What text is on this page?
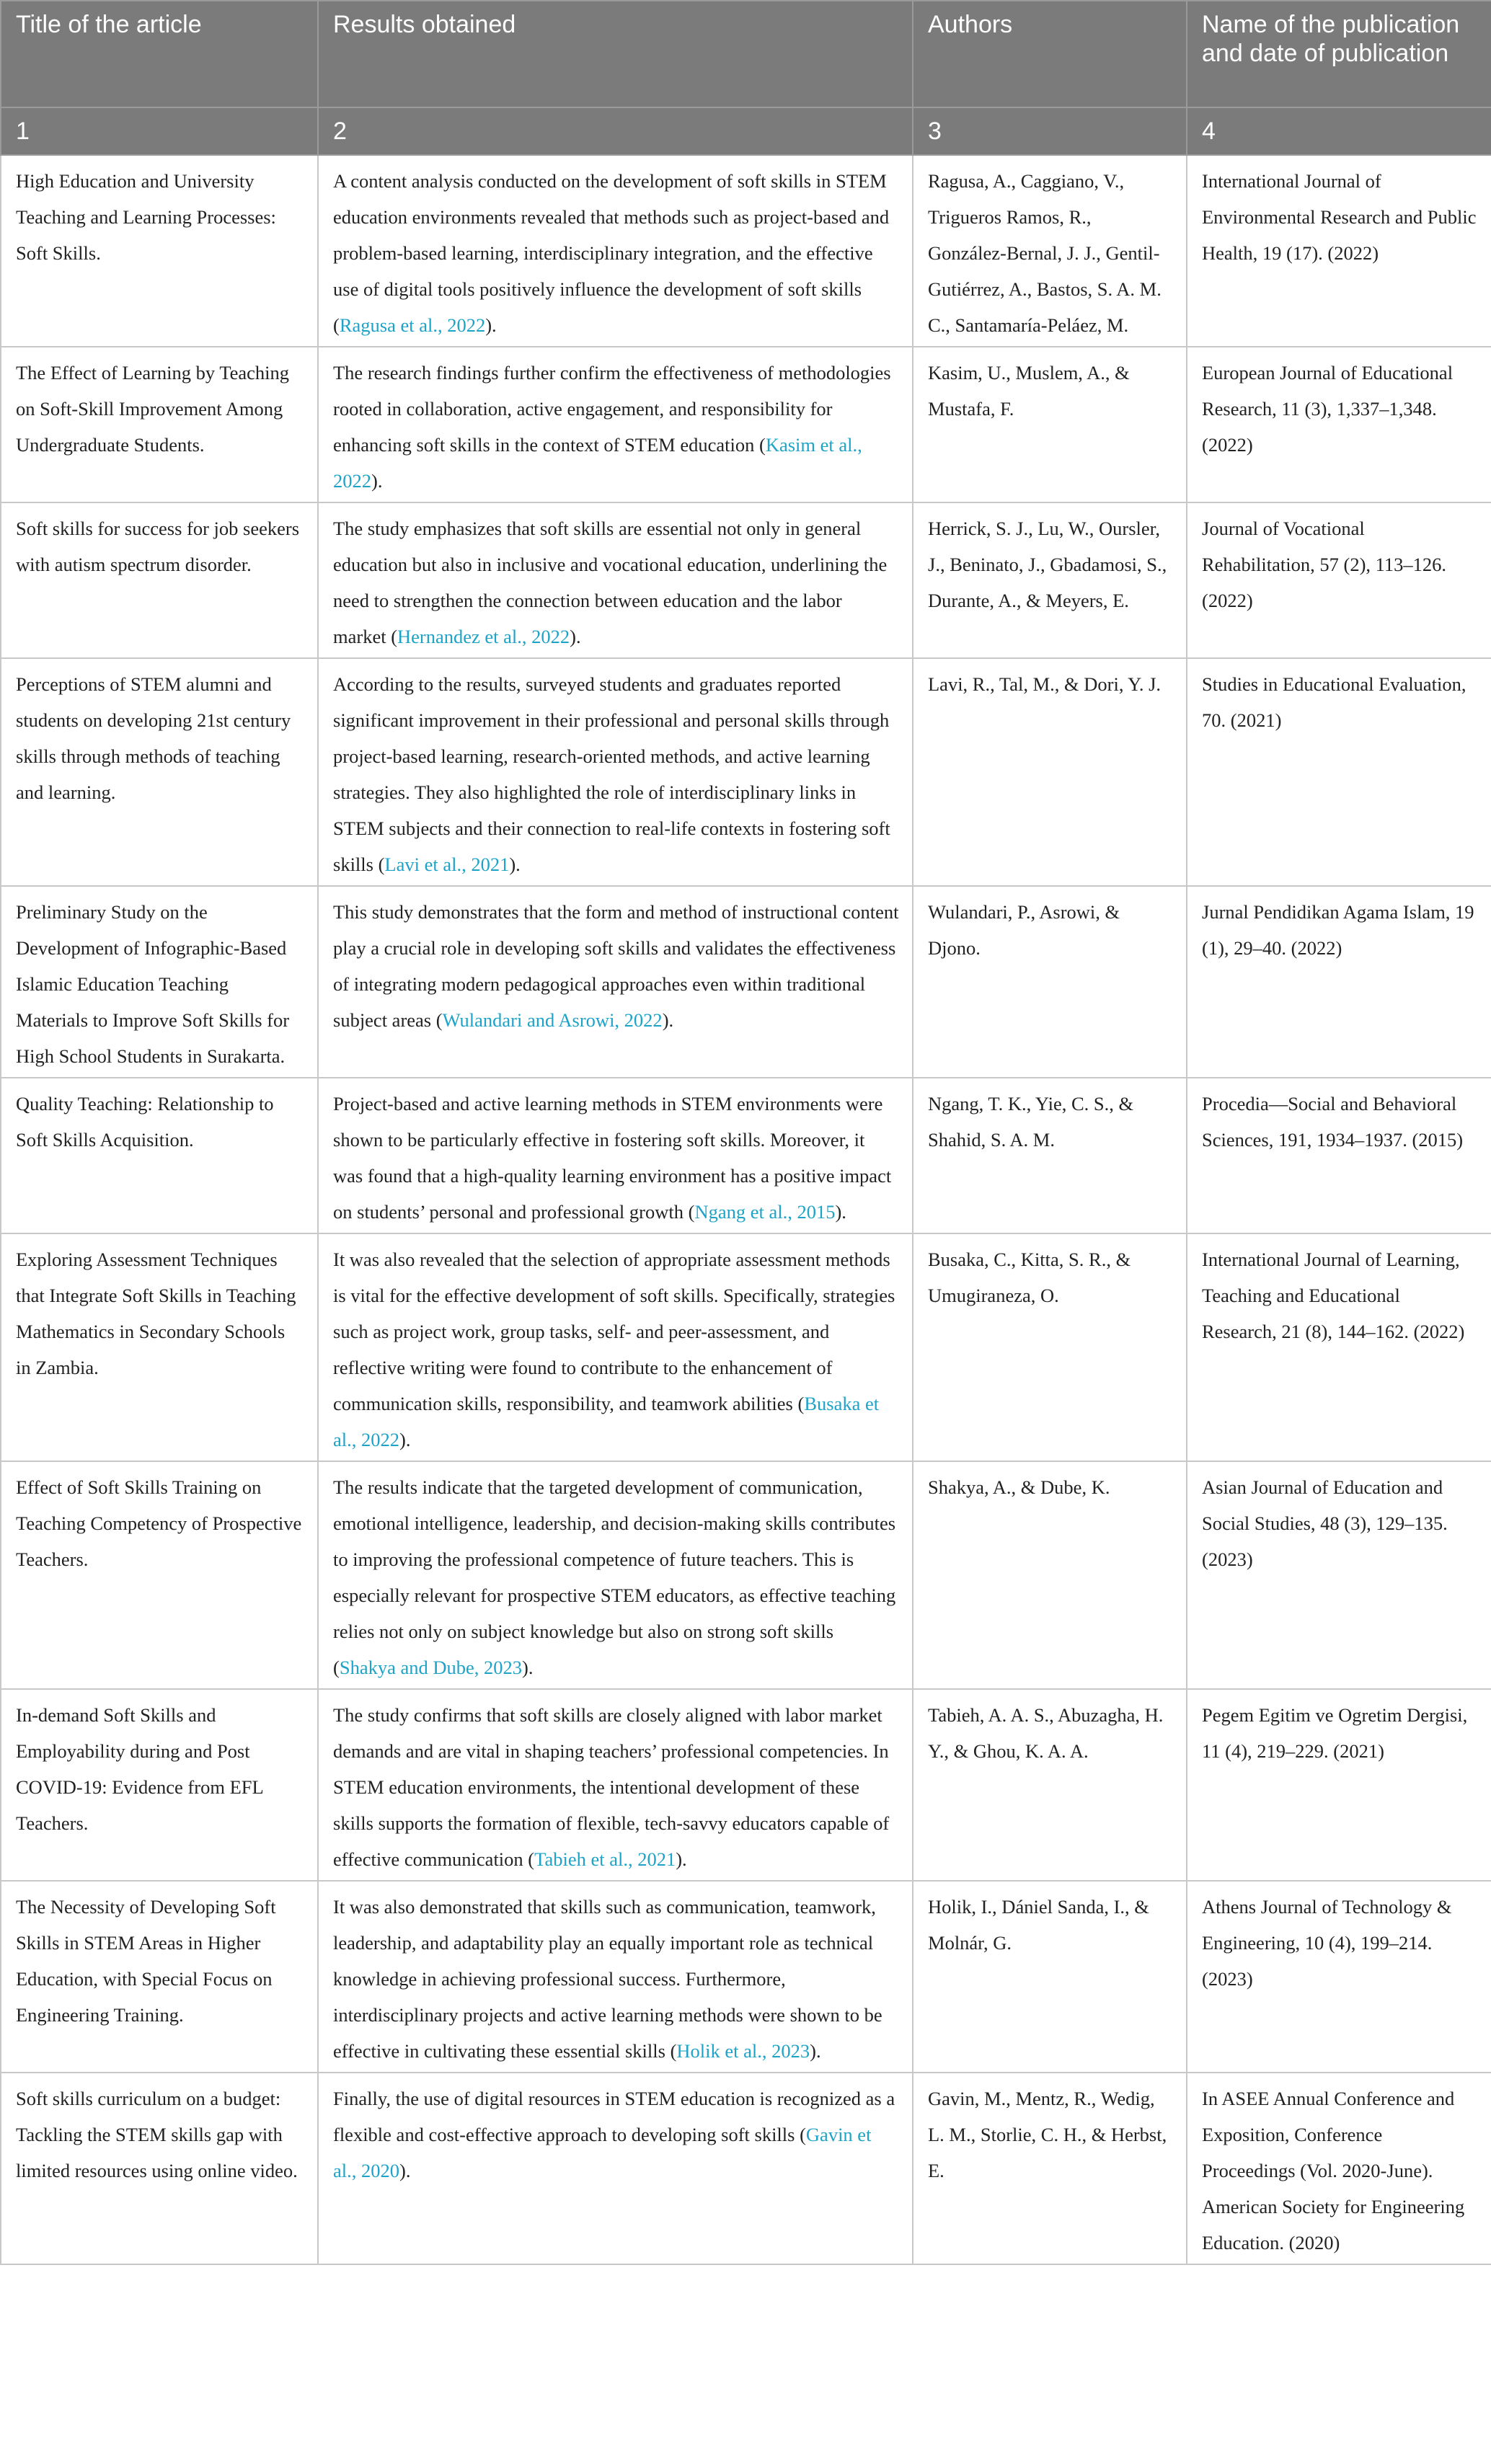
Title of the article	Results obtained	Authors	Name of the publication and date of publication
1	2	3	4
High Education and University Teaching and Learning Processes: Soft Skills.	A content analysis conducted on the development of soft skills in STEM education environments revealed that methods such as project-based and problem-based learning, interdisciplinary integration, and the effective use of digital tools positively influence the development of soft skills (Ragusa et al., 2022).	Ragusa, A., Caggiano, V., Trigueros Ramos, R., González-Bernal, J. J., Gentil-Gutiérrez, A., Bastos, S. A. M. C., Santamaría-Peláez, M.	International Journal of Environmental Research and Public Health, 19 (17). (2022)
The Effect of Learning by Teaching on Soft-Skill Improvement Among Undergraduate Students.	The research findings further confirm the effectiveness of methodologies rooted in collaboration, active engagement, and responsibility for enhancing soft skills in the context of STEM education (Kasim et al., 2022).	Kasim, U., Muslem, A., & Mustafa, F.	European Journal of Educational Research, 11 (3), 1,337–1,348. (2022)
Soft skills for success for job seekers with autism spectrum disorder.	The study emphasizes that soft skills are essential not only in general education but also in inclusive and vocational education, underlining the need to strengthen the connection between education and the labor market (Hernandez et al., 2022).	Herrick, S. J., Lu, W., Oursler, J., Beninato, J., Gbadamosi, S., Durante, A., & Meyers, E.	Journal of Vocational Rehabilitation, 57 (2), 113–126. (2022)
Perceptions of STEM alumni and students on developing 21st century skills through methods of teaching and learning.	According to the results, surveyed students and graduates reported significant improvement in their professional and personal skills through project-based learning, research-oriented methods, and active learning strategies. They also highlighted the role of interdisciplinary links in STEM subjects and their connection to real-life contexts in fostering soft skills (Lavi et al., 2021).	Lavi, R., Tal, M., & Dori, Y. J.	Studies in Educational Evaluation, 70. (2021)
Preliminary Study on the Development of Infographic-Based Islamic Education Teaching Materials to Improve Soft Skills for High School Students in Surakarta.	This study demonstrates that the form and method of instructional content play a crucial role in developing soft skills and validates the effectiveness of integrating modern pedagogical approaches even within traditional subject areas (Wulandari and Asrowi, 2022).	Wulandari, P., Asrowi, & Djono.	Jurnal Pendidikan Agama Islam, 19 (1), 29–40. (2022)
Quality Teaching: Relationship to Soft Skills Acquisition.	Project-based and active learning methods in STEM environments were shown to be particularly effective in fostering soft skills. Moreover, it was found that a high-quality learning environment has a positive impact on students’ personal and professional growth (Ngang et al., 2015).	Ngang, T. K., Yie, C. S., & Shahid, S. A. M.	Procedia—Social and Behavioral Sciences, 191, 1934–1937. (2015)
Exploring Assessment Techniques that Integrate Soft Skills in Teaching Mathematics in Secondary Schools in Zambia.	It was also revealed that the selection of appropriate assessment methods is vital for the effective development of soft skills. Specifically, strategies such as project work, group tasks, self- and peer-assessment, and reflective writing were found to contribute to the enhancement of communication skills, responsibility, and teamwork abilities (Busaka et al., 2022).	Busaka, C., Kitta, S. R., & Umugiraneza, O.	International Journal of Learning, Teaching and Educational Research, 21 (8), 144–162. (2022)
Effect of Soft Skills Training on Teaching Competency of Prospective Teachers.	The results indicate that the targeted development of communication, emotional intelligence, leadership, and decision-making skills contributes to improving the professional competence of future teachers. This is especially relevant for prospective STEM educators, as effective teaching relies not only on subject knowledge but also on strong soft skills (Shakya and Dube, 2023).	Shakya, A., & Dube, K.	Asian Journal of Education and Social Studies, 48 (3), 129–135. (2023)
In-demand Soft Skills and Employability during and Post COVID-19: Evidence from EFL Teachers.	The study confirms that soft skills are closely aligned with labor market demands and are vital in shaping teachers’ professional competencies. In STEM education environments, the intentional development of these skills supports the formation of flexible, tech-savvy educators capable of effective communication (Tabieh et al., 2021).	Tabieh, A. A. S., Abuzagha, H. Y., & Ghou, K. A. A.	Pegem Egitim ve Ogretim Dergisi, 11 (4), 219–229. (2021)
The Necessity of Developing Soft Skills in STEM Areas in Higher Education, with Special Focus on Engineering Training.	It was also demonstrated that skills such as communication, teamwork, leadership, and adaptability play an equally important role as technical knowledge in achieving professional success. Furthermore, interdisciplinary projects and active learning methods were shown to be effective in cultivating these essential skills (Holik et al., 2023).	Holik, I., Dániel Sanda, I., & Molnár, G.	Athens Journal of Technology & Engineering, 10 (4), 199–214. (2023)
Soft skills curriculum on a budget: Tackling the STEM skills gap with limited resources using online video.	Finally, the use of digital resources in STEM education is recognized as a flexible and cost-effective approach to developing soft skills (Gavin et al., 2020).	Gavin, M., Mentz, R., Wedig, L. M., Storlie, C. H., & Herbst, E.	In ASEE Annual Conference and Exposition, Conference Proceedings (Vol. 2020-June). American Society for Engineering Education. (2020)
